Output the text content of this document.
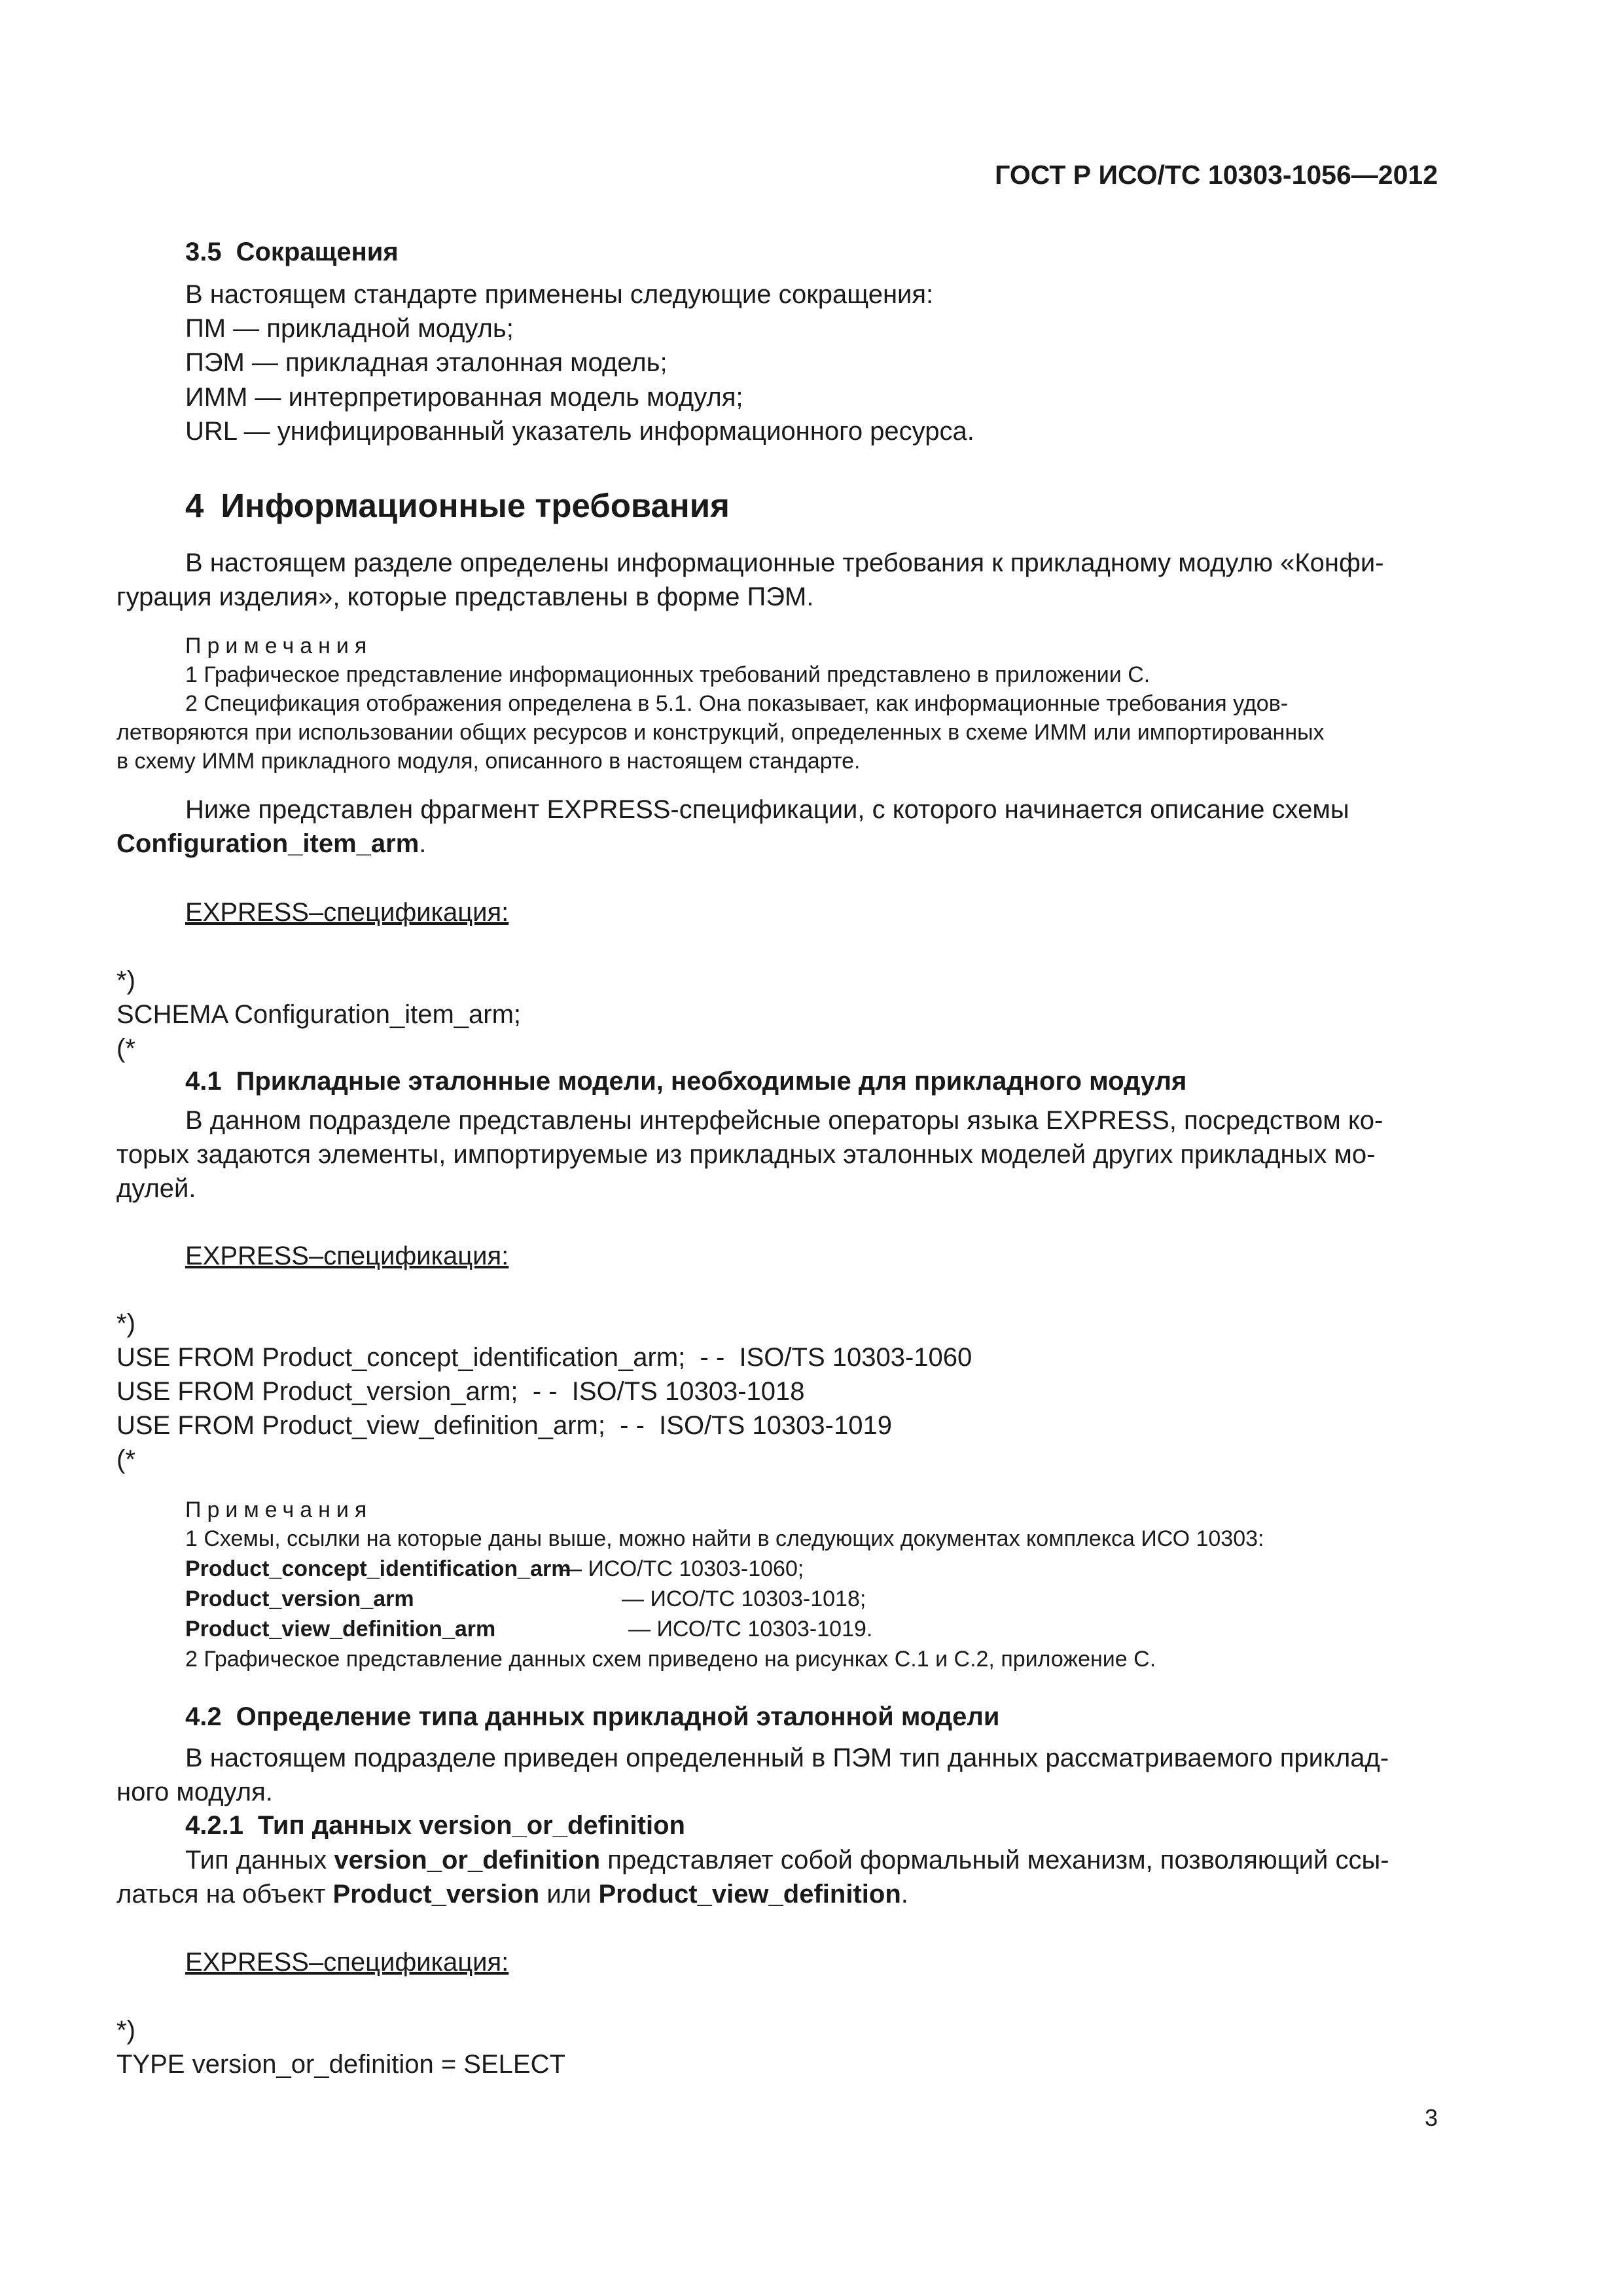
ГОСТ Р ИСО/ТС 10303-1056—2012
3.5 Сокращения
В настоящем стандарте применены следующие сокращения:
ПМ — прикладной модуль;
ПЭМ — прикладная эталонная модель;
ИММ — интерпретированная модель модуля;
URL — унифицированный указатель информационного ресурса.
4 Информационные требования
В настоящем разделе определены информационные требования к прикладному модулю «Конфи-
гурация изделия», которые представлены в форме ПЭМ.
Примечания
1 Графическое представление информационных требований представлено в приложении С.
2 Спецификация отображения определена в 5.1. Она показывает, как информационные требования удов-
летворяются при использовании общих ресурсов и конструкций, определенных в схеме ИММ или импортированных
в схему ИММ прикладного модуля, описанного в настоящем стандарте.
Ниже представлен фрагмент EXPRESS-спецификации, с которого начинается описание схемы
Configuration_item_arm.
EXPRESS–спецификация:
*)
SCHEMA Configuration_item_arm;
(*
4.1 Прикладные эталонные модели, необходимые для прикладного модуля
В данном подразделе представлены интерфейсные операторы языка EXPRESS, посредством ко-
торых задаются элементы, импортируемые из прикладных эталонных моделей других прикладных мо-
дулей.
EXPRESS–спецификация:
*)
USE FROM Product_concept_identification_arm;  - -  ISO/TS 10303-1060
USE FROM Product_version_arm;  - -  ISO/TS 10303-1018
USE FROM Product_view_definition_arm;  - -  ISO/TS 10303-1019
(*
Примечания
1 Схемы, ссылки на которые даны выше, можно найти в следующих документах комплекса ИСО 10303:
Product_concept_identification_arm
— ИСО/ТС 10303-1060;
Product_version_arm	— ИСО/ТС 10303-1018;
Product_view_definition_arm	— ИСО/ТС 10303-1019.
2 Графическое представление данных схем приведено на рисунках С.1 и С.2, приложение С.
4.2 Определение типа данных прикладной эталонной модели
В настоящем подразделе приведен определенный в ПЭМ тип данных рассматриваемого приклад-
ного модуля.
4.2.1 Тип данных version_or_definition
Тип данных version_or_definition представляет собой формальный механизм, позволяющий ссы-
латься на объект Product_version или Product_view_definition.
EXPRESS–спецификация:
*)
TYPE version_or_definition = SELECT
3
